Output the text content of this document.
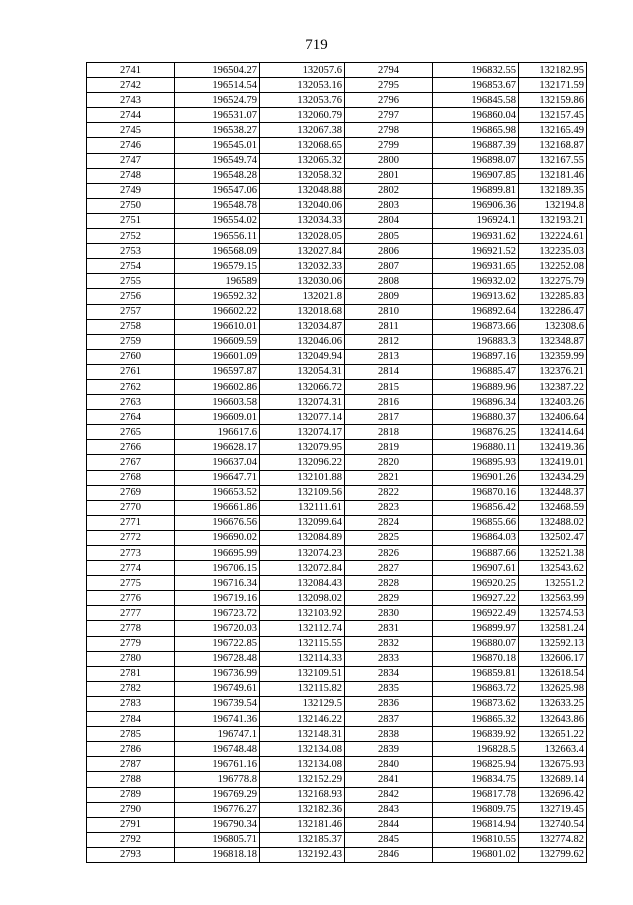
719
2741	196504.27	132057.6	2794	196832.55	132182.95
2742	196514.54	132053.16	2795	196853.67	132171.59
2743	196524.79	132053.76	2796	196845.58	132159.86
2744	196531.07	132060.79	2797	196860.04	132157.45
2745	196538.27	132067.38	2798	196865.98	132165.49
2746	196545.01	132068.65	2799	196887.39	132168.87
2747	196549.74	132065.32	2800	196898.07	132167.55
2748	196548.28	132058.32	2801	196907.85	132181.46
2749	196547.06	132048.88	2802	196899.81	132189.35
2750	196548.78	132040.06	2803	196906.36	132194.8
2751	196554.02	132034.33	2804	196924.1	132193.21
2752	196556.11	132028.05	2805	196931.62	132224.61
2753	196568.09	132027.84	2806	196921.52	132235.03
2754	196579.15	132032.33	2807	196931.65	132252.08
2755	196589	132030.06	2808	196932.02	132275.79
2756	196592.32	132021.8	2809	196913.62	132285.83
2757	196602.22	132018.68	2810	196892.64	132286.47
2758	196610.01	132034.87	2811	196873.66	132308.6
2759	196609.59	132046.06	2812	196883.3	132348.87
2760	196601.09	132049.94	2813	196897.16	132359.99
2761	196597.87	132054.31	2814	196885.47	132376.21
2762	196602.86	132066.72	2815	196889.96	132387.22
2763	196603.58	132074.31	2816	196896.34	132403.26
2764	196609.01	132077.14	2817	196880.37	132406.64
2765	196617.6	132074.17	2818	196876.25	132414.64
2766	196628.17	132079.95	2819	196880.11	132419.36
2767	196637.04	132096.22	2820	196895.93	132419.01
2768	196647.71	132101.88	2821	196901.26	132434.29
2769	196653.52	132109.56	2822	196870.16	132448.37
2770	196661.86	132111.61	2823	196856.42	132468.59
2771	196676.56	132099.64	2824	196855.66	132488.02
2772	196690.02	132084.89	2825	196864.03	132502.47
2773	196695.99	132074.23	2826	196887.66	132521.38
2774	196706.15	132072.84	2827	196907.61	132543.62
2775	196716.34	132084.43	2828	196920.25	132551.2
2776	196719.16	132098.02	2829	196927.22	132563.99
2777	196723.72	132103.92	2830	196922.49	132574.53
2778	196720.03	132112.74	2831	196899.97	132581.24
2779	196722.85	132115.55	2832	196880.07	132592.13
2780	196728.48	132114.33	2833	196870.18	132606.17
2781	196736.99	132109.51	2834	196859.81	132618.54
2782	196749.61	132115.82	2835	196863.72	132625.98
2783	196739.54	132129.5	2836	196873.62	132633.25
2784	196741.36	132146.22	2837	196865.32	132643.86
2785	196747.1	132148.31	2838	196839.92	132651.22
2786	196748.48	132134.08	2839	196828.5	132663.4
2787	196761.16	132134.08	2840	196825.94	132675.93
2788	196778.8	132152.29	2841	196834.75	132689.14
2789	196769.29	132168.93	2842	196817.78	132696.42
2790	196776.27	132182.36	2843	196809.75	132719.45
2791	196790.34	132181.46	2844	196814.94	132740.54
2792	196805.71	132185.37	2845	196810.55	132774.82
2793	196818.18	132192.43	2846	196801.02	132799.62
